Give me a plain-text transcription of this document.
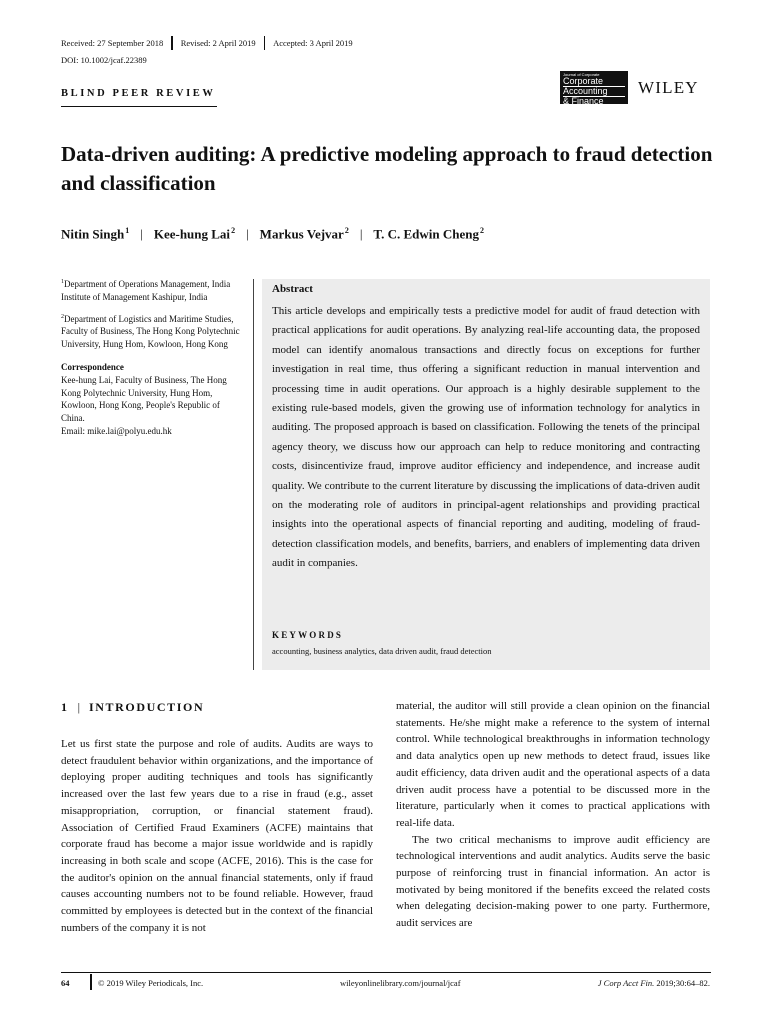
Received: 27 September 2018 Revised: 2 April 2019 Accepted: 3 April 2019
DOI: 10.1002/jcaf.22389
BLIND PEER REVIEW
Journal of Corporate
Corporate
Accounting
& Finance
WILEY
Data-driven auditing: A predictive modeling approach to fraud detection and classification
Nitin Singh$^1$ | Kee-hung Lai$^2$ | Markus Vejvar$^2$ | T. C. Edwin Cheng$^2$

$^1$Department of Operations Management, India Institute of Management Kashipur, India

$^2$Department of Logistics and Maritime Studies, Faculty of Business, The Hong Kong Polytechnic University, Hung Hom, Kowloon, Hong Kong

Correspondence

Kee-hung Lai, Faculty of Business, The Hong Kong Polytechnic University, Hung Hom, Kowloon, Hong Kong, People's Republic of China.

Email: mike.lai@polyu.edu.hk

Abstract
This article develops and empirically tests a predictive model for audit of fraud detection with practical applications for audit operations. By analyzing real-life accounting data, the proposed model can identify anomalous transactions and directly focus on exceptions for further investigation in real time, thus offering a significant reduction in manual intervention and processing time in audit operations. Our approach is a highly desirable supplement to the existing rule-based models, given the growing use of information technology for analytics in auditing. The proposed approach is based on classification. Following the tenets of the principal agency theory, we discuss how our approach can help to reduce monitoring and contracting costs, disincentivize fraud, improve auditor efficiency and independence, and increase audit quality. We contribute to the current literature by discussing the implications of data-driven audit on the moderating role of auditors in principal-agent relationships and providing practical insights into the operational aspects of financial reporting and auditing, modeling of fraud-detection classification models, and benefits, barriers, and enablers of implementing data driven audit in companies.
KEYWORDS
accounting, business analytics, data driven audit, fraud detection
1 | INTRODUCTION

Let us first state the purpose and role of audits. Audits are ways to detect fraudulent behavior within organizations, and the importance of deploying proper auditing techniques and tools has significantly increased over the last few years due to a rise in fraud (e.g., asset misappropriation, corruption, or financial statement fraud). Association of Certified Fraud Examiners (ACFE) maintains that corporate fraud has become a major issue worldwide and is rapidly increasing in both scale and scope (ACFE, 2016). This is the case for the auditor's opinion on the annual financial statements, only if fraud causes accounting numbers not to be found reliable. However, fraud committed by employees is detected but in the context of the financial numbers of the company it is not

material, the auditor will still provide a clean opinion on the financial statements. He/she might make a reference to the system of internal control. While technological breakthroughs in information technology and data analytics open up new methods to detect fraud, issues like audit efficiency, data driven audit and the operational aspects of a data driven audit process have a potential to be discussed more in the literature, particularly when it comes to practical applications with real-life data.

The two critical mechanisms to improve audit efficiency are technological interventions and audit analytics. Audits serve the basic purpose of reinforcing trust in financial information. An actor is motivated by being monitored if the benefits exceed the related costs when delegating decision-making power to one party. Furthermore, audit services are

64	© 2019 Wiley Periodicals, Inc.	wileyonlinelibrary.com/journal/jcaf	J Corp Acct Fin. 2019;30:64–82.
